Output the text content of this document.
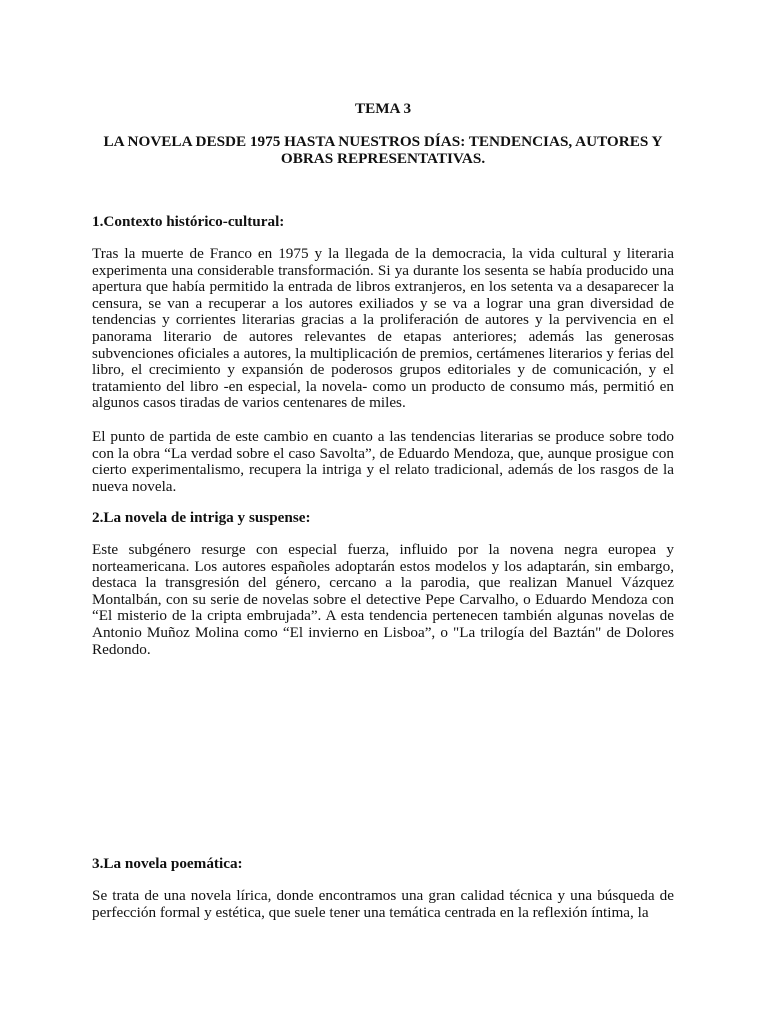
TEMA 3

LA NOVELA DESDE 1975 HASTA NUESTROS DÍAS: TENDENCIAS, AUTORES Y OBRAS REPRESENTATIVAS.

1.Contexto histórico-cultural:

Tras la muerte de Franco en 1975 y la llegada de la democracia, la vida cultural y literaria experimenta una considerable transformación. Si ya durante los sesenta se había producido una apertura que había permitido la entrada de libros extranjeros, en los setenta va a desaparecer la censura, se van a recuperar a los autores exiliados y se va a lograr una gran diversidad de tendencias y corrientes literarias gracias a la proliferación de autores y la pervivencia en el panorama literario de autores relevantes de etapas anteriores; además las generosas subvenciones oficiales a autores, la multiplicación de premios, certámenes literarios y ferias del libro, el crecimiento y expansión de poderosos grupos editoriales y de comunicación, y el tratamiento del libro -en especial, la novela- como un producto de consumo más, permitió en algunos casos tiradas de varios centenares de miles.

El punto de partida de este cambio en cuanto a las tendencias literarias se produce sobre todo con la obra “La verdad sobre el caso Savolta”, de Eduardo Mendoza, que, aunque prosigue con cierto experimentalismo, recupera la intriga y el relato tradicional, además de los rasgos de la nueva novela.

2.La novela de intriga y suspense:

Este subgénero resurge con especial fuerza, influido por la novena negra europea y norteamericana. Los autores españoles adoptarán estos modelos y los adaptarán, sin embargo, destaca la transgresión del género, cercano a la parodia, que realizan Manuel Vázquez Montalbán, con su serie de novelas sobre el detective Pepe Carvalho, o Eduardo Mendoza con “El misterio de la cripta embrujada”. A esta tendencia pertenecen también algunas novelas de Antonio Muñoz Molina como “El invierno en Lisboa”, o "La trilogía del Baztán" de Dolores Redondo.

3.La novela poemática:

Se trata de una novela lírica, donde encontramos una gran calidad técnica y una búsqueda de perfección formal y estética, que suele tener una temática centrada en la reflexión íntima, la
